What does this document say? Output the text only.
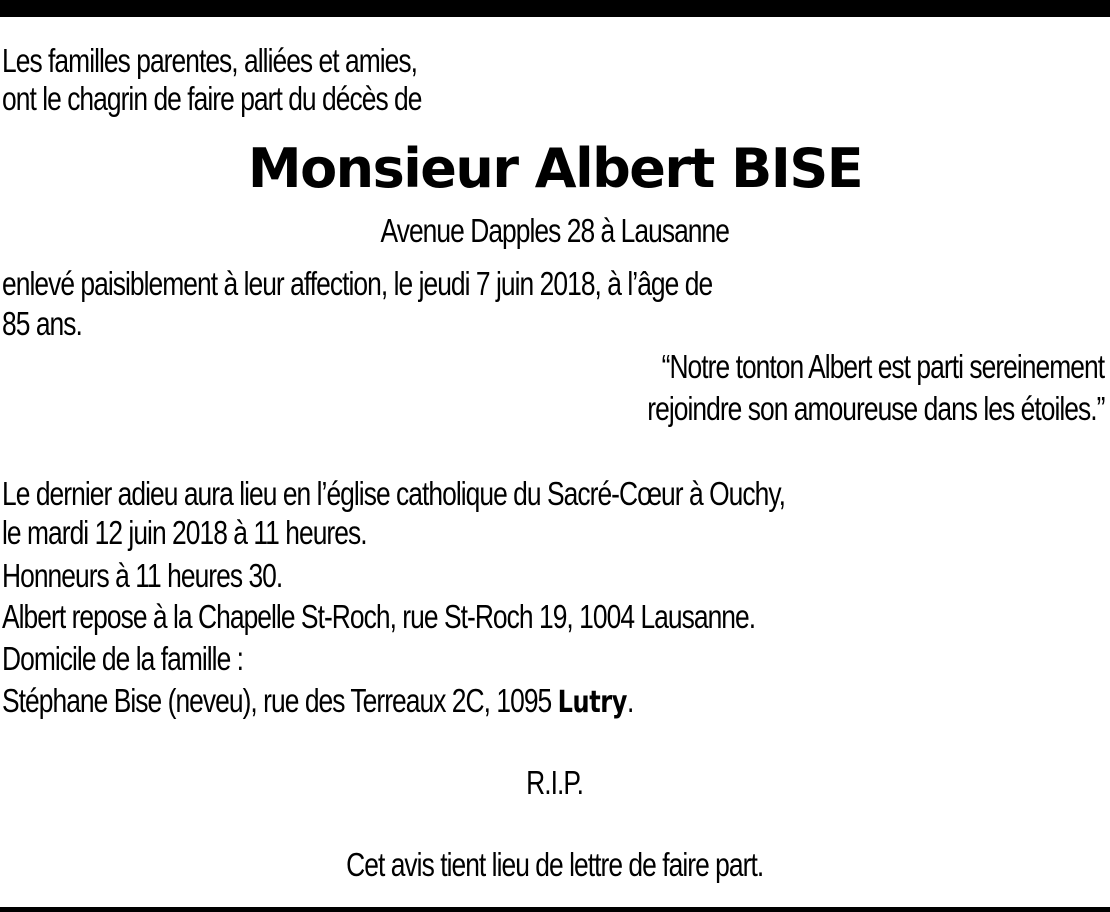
Les familles parentes, alliées et amies,
ont le chagrin de faire part du décès de
Monsieur Albert BISE
Avenue Dapples 28 à Lausanne
enlevé paisiblement à leur affection, le jeudi 7 juin 2018, à l’âge de
85 ans.
“Notre tonton Albert est parti sereinement
rejoindre son amoureuse dans les étoiles.”
Le dernier adieu aura lieu en l’église catholique du Sacré-Cœur à Ouchy,
le mardi 12 juin 2018 à 11 heures.
Honneurs à 11 heures 30.
Albert repose à la Chapelle St-Roch, rue St-Roch 19, 1004 Lausanne.
Domicile de la famille :
Stéphane Bise (neveu), rue des Terreaux 2C, 1095 Lutry.
R.I.P.
Cet avis tient lieu de lettre de faire part.
